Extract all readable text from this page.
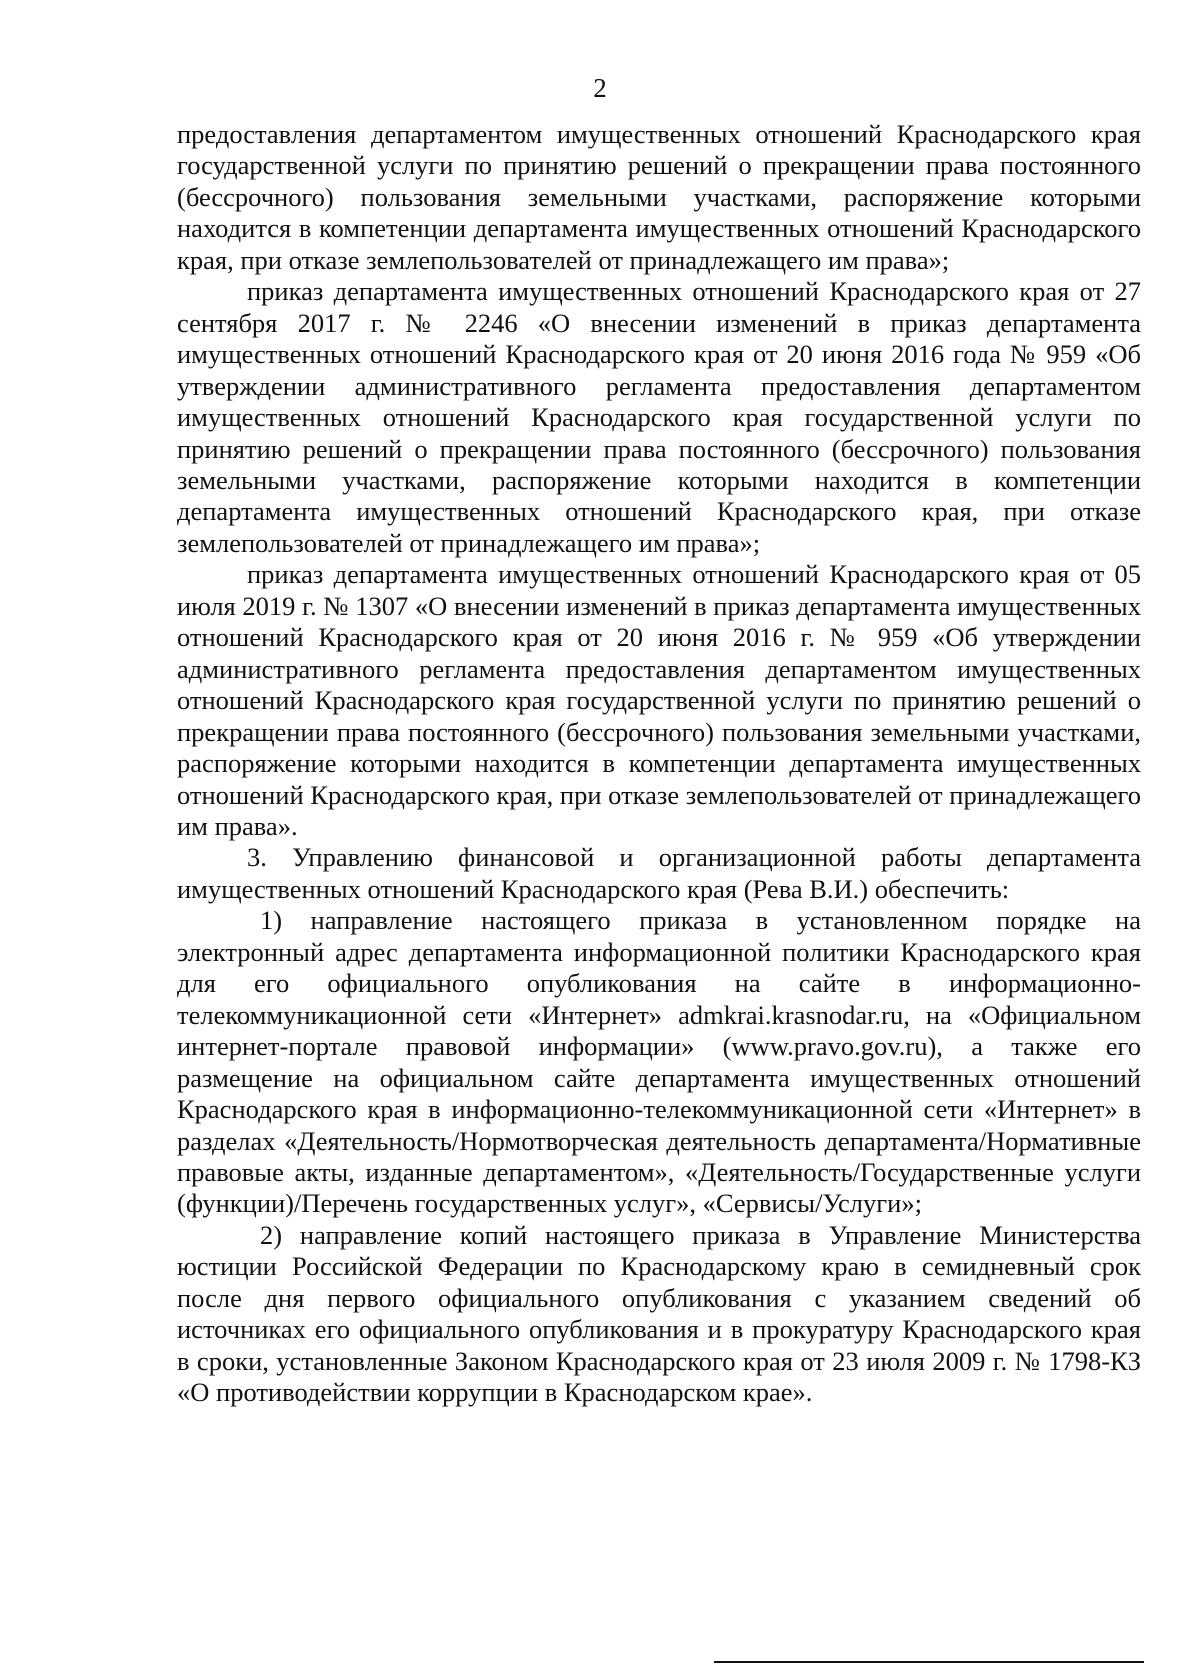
2

предоставления департаментом имущественных отношений Краснодарского края государственной услуги по принятию решений о прекращении права постоянного (бессрочного) пользования земельными участками, распоряжение которыми находится в компетенции департамента имущественных отношений Краснодарского края, при отказе землепользователей от принадлежащего им права»;

приказ департамента имущественных отношений Краснодарского края от 27 сентября 2017 г. № 2246 «О внесении изменений в приказ департамента имущественных отношений Краснодарского края от 20 июня 2016 года № 959 «Об утверждении административного регламента предоставления департаментом имущественных отношений Краснодарского края государственной услуги по принятию решений о прекращении права постоянного (бессрочного) пользования земельными участками, распоряжение которыми находится в компетенции департамента имущественных отношений Краснодарского края, при отказе землепользователей от принадлежащего им права»;

приказ департамента имущественных отношений Краснодарского края от 05 июля 2019 г. № 1307 «О внесении изменений в приказ департамента имущественных отношений Краснодарского края от 20 июня 2016 г. № 959 «Об утверждении административного регламента предоставления департаментом имущественных отношений Краснодарского края государственной услуги по принятию решений о прекращении права постоянного (бессрочного) пользования земельными участками, распоряжение которыми находится в компетенции департамента имущественных отношений Краснодарского края, при отказе землепользователей от принадлежащего им права».

3. Управлению финансовой и организационной работы департамента имущественных отношений Краснодарского края (Рева В.И.) обеспечить:

1) направление настоящего приказа в установленном порядке на электронный адрес департамента информационной политики Краснодарского края для его официального опубликования на сайте в информационно-телекоммуникационной сети «Интернет» admkrai.krasnodar.ru, на «Официальном интернет-портале правовой информации» (www.pravo.gov.ru), а также его размещение на официальном сайте департамента имущественных отношений Краснодарского края в информационно-телекоммуникационной сети «Интернет» в разделах «Деятельность/Нормотворческая деятельность департамента/Нормативные правовые акты, изданные департаментом», «Деятельность/Государственные услуги (функции)/Перечень государственных услуг», «Сервисы/Услуги»;

2) направление копий настоящего приказа в Управление Министерства юстиции Российской Федерации по Краснодарскому краю в семидневный срок после дня первого официального опубликования с указанием сведений об источниках его официального опубликования и в прокуратуру Краснодарского края в сроки, установленные Законом Краснодарского края от 23 июля 2009 г. № 1798-КЗ «О противодействии коррупции в Краснодарском крае».
